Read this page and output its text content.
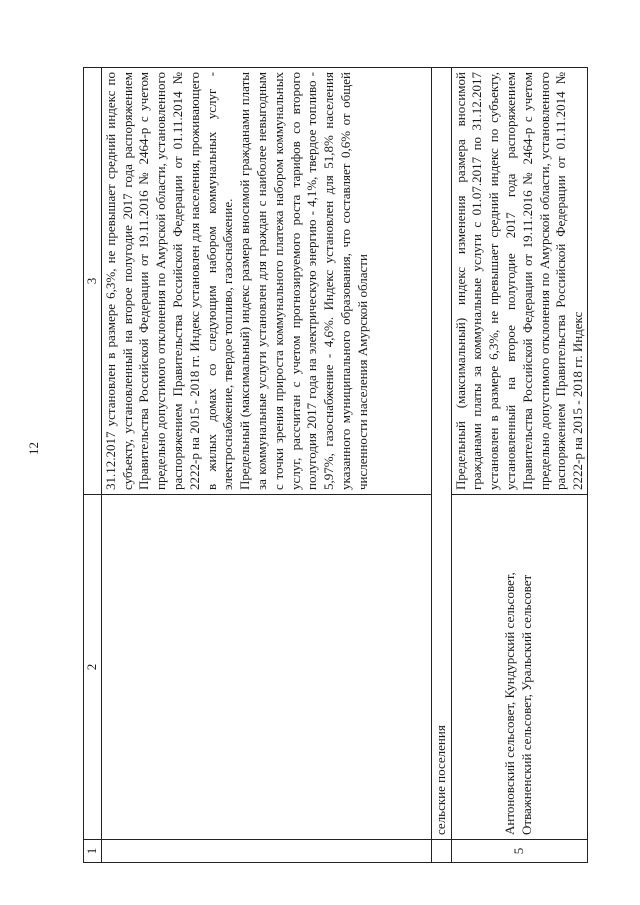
12
1	2	3

		31.12.2017 установлен в размере 6,3%, не превышает средний индекс по субъекту, установленный на второе полугодие 2017 года распоряжением Правительства Российской Федерации от 19.11.2016 № 2464-р с учетом предельно допустимого отклонения по Амурской области, установленного распоряжением Правительства Российской Федерации от 01.11.2014 № 2222-р на 2015 - 2018 гг. Индекс установлен для населения, проживающего в жилых домах со следующим набором коммунальных услуг - электроснабжение, твердое топливо, газоснабжение. Предельный (максимальный) индекс размера вносимой гражданами платы за коммунальные услуги установлен для граждан с наиболее невыгодным с точки зрения прироста коммунального платежа набором коммунальных услуг, рассчитан с учетом прогнозируемого роста тарифов со второго полугодия 2017 года на электрическую энергию - 4,1%, твердое топливо - 5,97%, газоснабжение - 4,6%. Индекс установлен для 51,8% населения указанного муниципального образования, что составляет 0,6% от общей численности населения Амурской области

	сельские поселения	
5	Антоновский сельсовет, Кундурский сельсовет, Отважненский сельсовет, Уральский сельсовет	Предельный (максимальный) индекс изменения размера вносимой гражданами платы за коммунальные услуги с 01.07.2017 по 31.12.2017 установлен в размере 6,3%, не превышает средний индекс по субъекту, установленный на второе полугодие 2017 года распоряжением Правительства Российской Федерации от 19.11.2016 № 2464-р с учетом предельно допустимого отклонения по Амурской области, установленного распоряжением Правительства Российской Федерации от 01.11.2014 № 2222-р на 2015 - 2018 гг. Индекс
